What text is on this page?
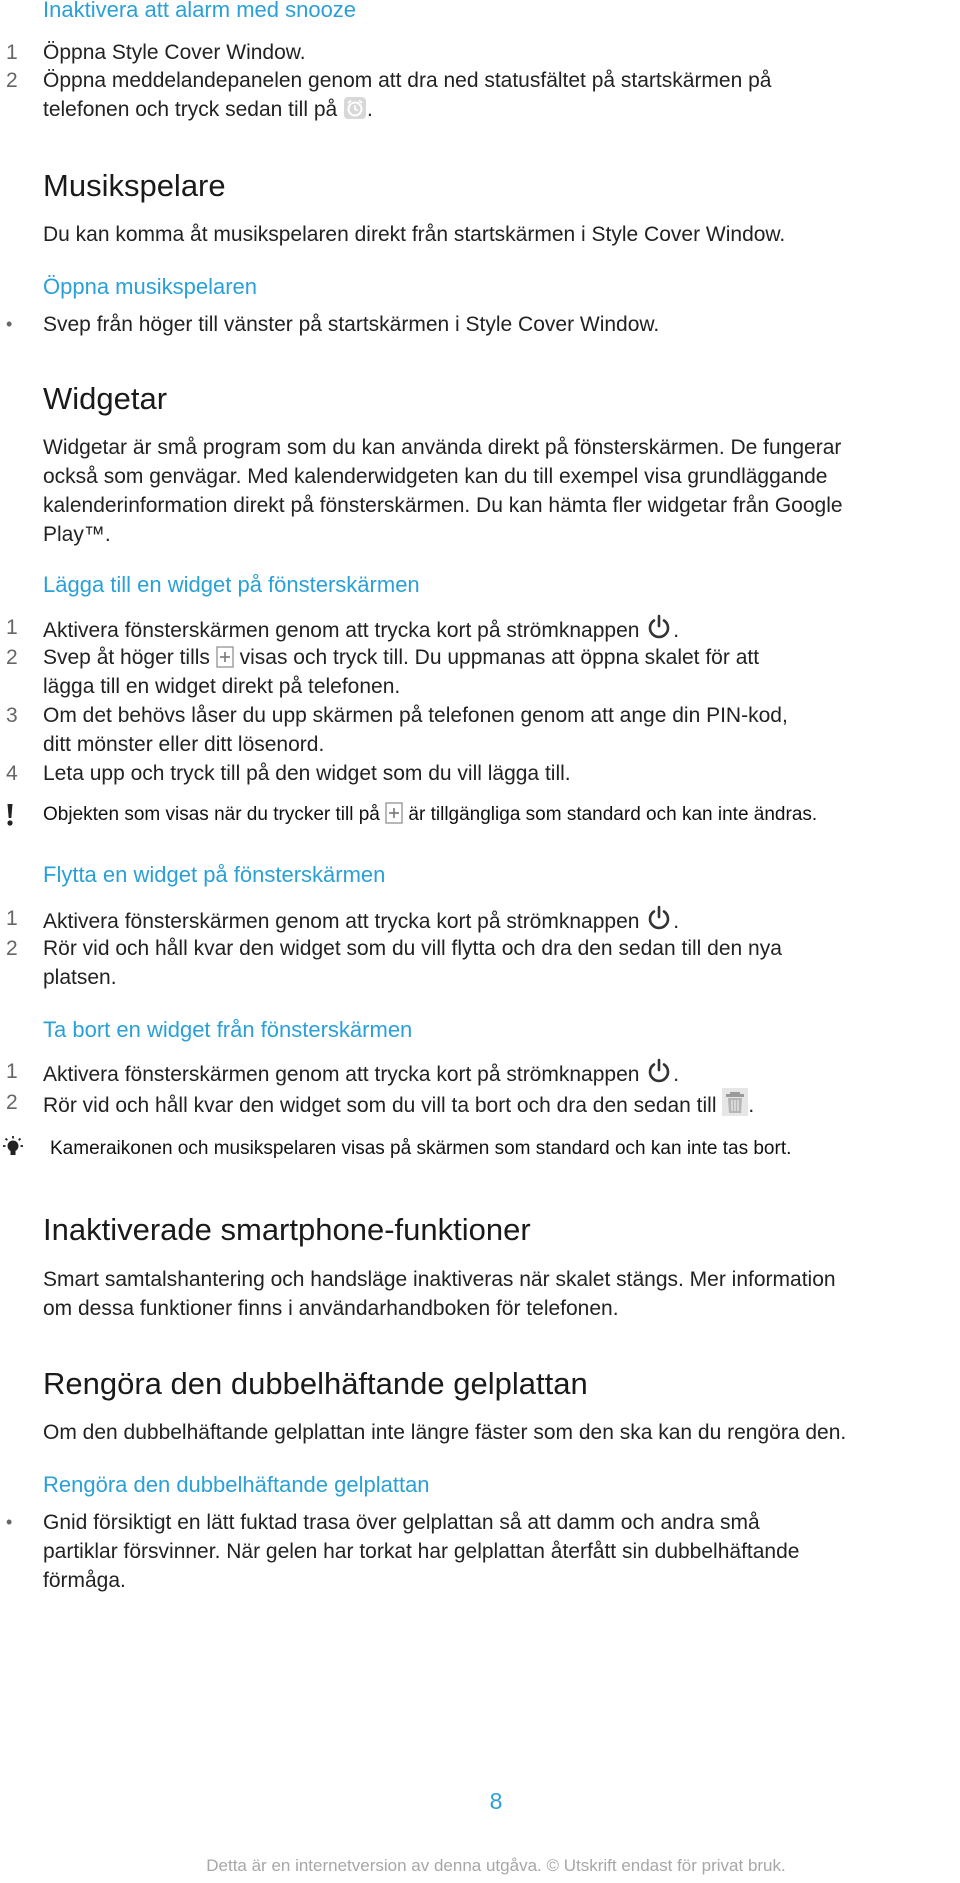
Inaktivera att alarm med snooze
1	Öppna Style Cover Window.
2	Öppna meddelandepanelen genom att dra ned statusfältet på startskärmen på
telefonen och tryck sedan till på .
Musikspelare
Du kan komma åt musikspelaren direkt från startskärmen i Style Cover Window.
Öppna musikspelaren
•	Svep från höger till vänster på startskärmen i Style Cover Window.
Widgetar
Widgetar är små program som du kan använda direkt på fönsterskärmen. De fungerar
också som genvägar. Med kalenderwidgeten kan du till exempel visa grundläggande
kalenderinformation direkt på fönsterskärmen. Du kan hämta fler widgetar från Google
Play™.
Lägga till en widget på fönsterskärmen
1	Aktivera fönsterskärmen genom att trycka kort på strömknappen .
2	Svep åt höger tills visas och tryck till. Du uppmanas att öppna skalet för att
lägga till en widget direkt på telefonen.
3	Om det behövs låser du upp skärmen på telefonen genom att ange din PIN-kod,
ditt mönster eller ditt lösenord.
4	Leta upp och tryck till på den widget som du vill lägga till.
Objekten som visas när du trycker till på är tillgängliga som standard och kan inte ändras.
Flytta en widget på fönsterskärmen
1	Aktivera fönsterskärmen genom att trycka kort på strömknappen .
2	Rör vid och håll kvar den widget som du vill flytta och dra den sedan till den nya
platsen.
Ta bort en widget från fönsterskärmen
1	Aktivera fönsterskärmen genom att trycka kort på strömknappen .
2	Rör vid och håll kvar den widget som du vill ta bort och dra den sedan till .
Kameraikonen och musikspelaren visas på skärmen som standard och kan inte tas bort.
Inaktiverade smartphone-funktioner
Smart samtalshantering och handsläge inaktiveras när skalet stängs. Mer information
om dessa funktioner finns i användarhandboken för telefonen.
Rengöra den dubbelhäftande gelplattan
Om den dubbelhäftande gelplattan inte längre fäster som den ska kan du rengöra den.
Rengöra den dubbelhäftande gelplattan
•	Gnid försiktigt en lätt fuktad trasa över gelplattan så att damm och andra små
partiklar försvinner. När gelen har torkat har gelplattan återfått sin dubbelhäftande
förmåga.
8
Detta är en internetversion av denna utgåva. © Utskrift endast för privat bruk.
